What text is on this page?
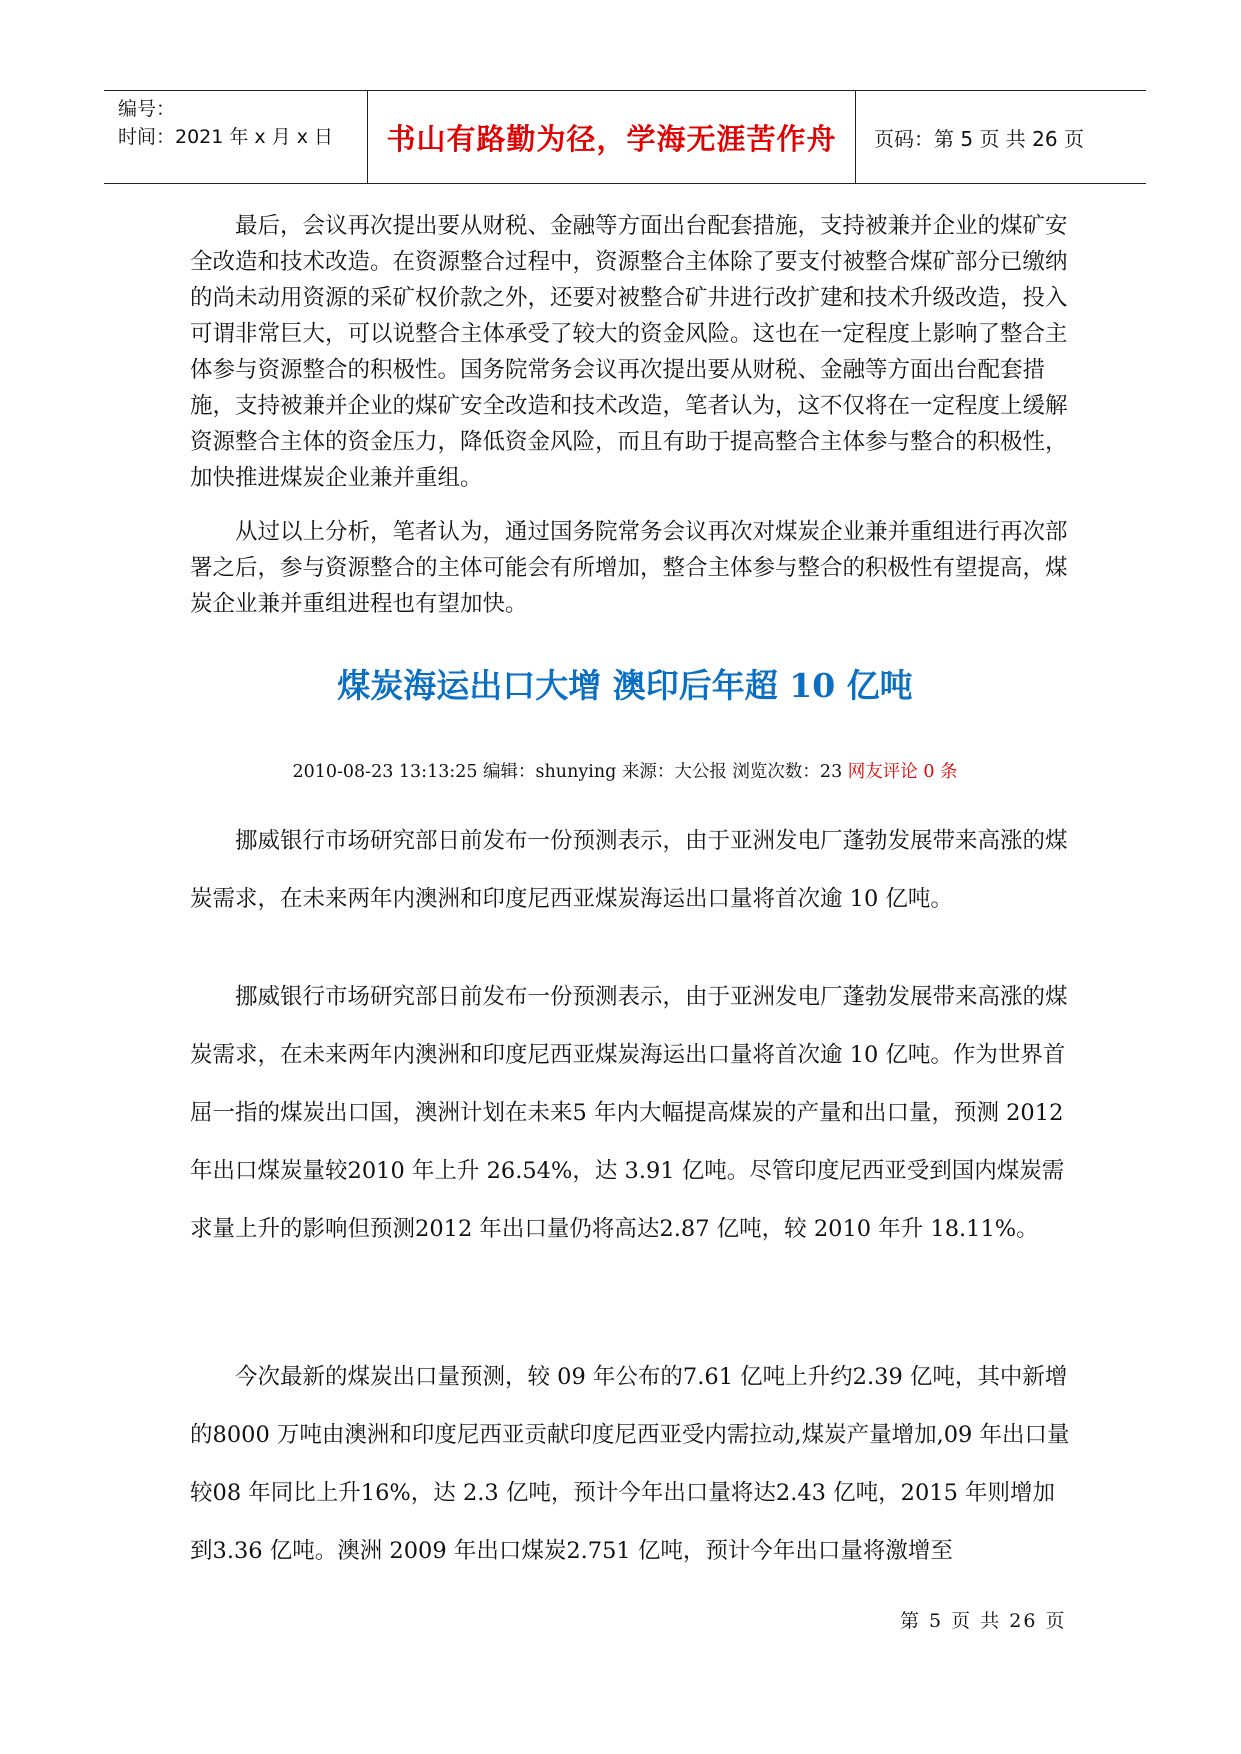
编号：
时间：2021 年 x 月 x 日	书山有路勤为径，学海无涯苦作舟 页码：第 5 页 共 26 页

最后，会议再次提出要从财税、金融等方面出台配套措施，支持被兼并企业的煤矿安全改造和技术改造。在资源整合过程中，资源整合主体除了要支付被整合煤矿部分已缴纳的尚未动用资源的采矿权价款之外，还要对被整合矿井进行改扩建和技术升级改造，投入可谓非常巨大，可以说整合主体承受了较大的资金风险。这也在一定程度上影响了整合主体参与资源整合的积极性。国务院常务会议再次提出要从财税、金融等方面出台配套措施，支持被兼并企业的煤矿安全改造和技术改造，笔者认为，这不仅将在一定程度上缓解资源整合主体的资金压力，降低资金风险，而且有助于提高整合主体参与整合的积极性，加快推进煤炭企业兼并重组。

从过以上分析，笔者认为，通过国务院常务会议再次对煤炭企业兼并重组进行再次部署之后，参与资源整合的主体可能会有所增加，整合主体参与整合的积极性有望提高，煤炭企业兼并重组进程也有望加快。

煤炭海运出口大增 澳印后年超 10 亿吨
2010-08-23 13:13:25 编辑：shunying 来源：大公报 浏览次数：23 网友评论 0 条

挪威银行市场研究部日前发布一份预测表示，由于亚洲发电厂蓬勃发展带来高涨的煤炭需求，在未来两年内澳洲和印度尼西亚煤炭海运出口量将首次逾 10 亿吨。

挪威银行市场研究部日前发布一份预测表示，由于亚洲发电厂蓬勃发展带来高涨的煤炭需求，在未来两年内澳洲和印度尼西亚煤炭海运出口量将首次逾 10 亿吨。作为世界首屈一指的煤炭出口国，澳洲计划在未来5 年内大幅提高煤炭的产量和出口量，预测 2012 年出口煤炭量较2010 年上升 26.54%，达 3.91 亿吨。尽管印度尼西亚受到国内煤炭需求量上升的影响但预测2012 年出口量仍将高达2.87 亿吨，较 2010 年升 18.11%。

今次最新的煤炭出口量预测，较 09 年公布的7.61 亿吨上升约2.39 亿吨，其中新增的8000 万吨由澳洲和印度尼西亚贡献印度尼西亚受内需拉动,煤炭产量增加,09 年出口量较08 年同比上升16%，达 2.3 亿吨，预计今年出口量将达2.43 亿吨，2015 年则增加到3.36 亿吨。澳洲 2009 年出口煤炭2.751 亿吨，预计今年出口量将激增至

第 5 页 共 26 页
